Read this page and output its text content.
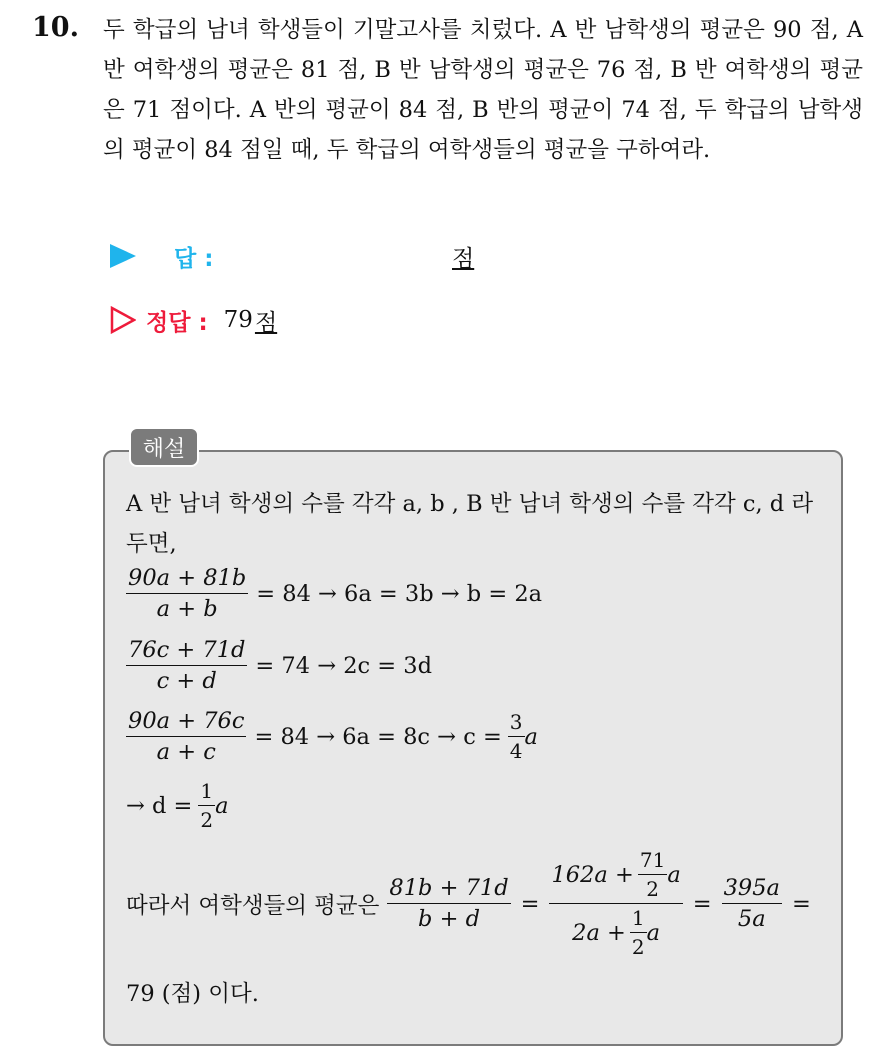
10. 두 학급의 남녀 학생들이 기말고사를 치렀다. A 반 남학생의 평균은 90 점, A 반 여학생의 평균은 81 점, B 반 남학생의 평균은 76 점, B 반 여학생의 평균은 71 점이다. A 반의 평균이 84 점, B 반의 평균이 74 점, 두 학급의 남학생의 평균이 84 점일 때, 두 학급의 여학생들의 평균을 구하여라.
답 :	점
정답 : 79 점
해설
A 반 남녀 학생의 수를 각각 a, b , B 반 남녀 학생의 수를 각각 c, d 라 두면,
$\frac{90a + 81b}{a + b} = 84 \to 6a = 3b \to b = 2a$
$\frac{76c + 71d}{c + d} = 74 \to 2c = 3d$
$\frac{90a + 76c}{a + c} = 84 \to 6a = 8c \to c = \frac{3}{4}$ a
→ $d = \frac{1}{2}$ a
따라서 여학생들의 평균은 $\frac{81b + 71d}{b + d} = \frac{162a + \frac{71}{2} a}{2a + \frac{1}{2} a} = \frac{395a}{5a}$ =
79 (점) 이다.
